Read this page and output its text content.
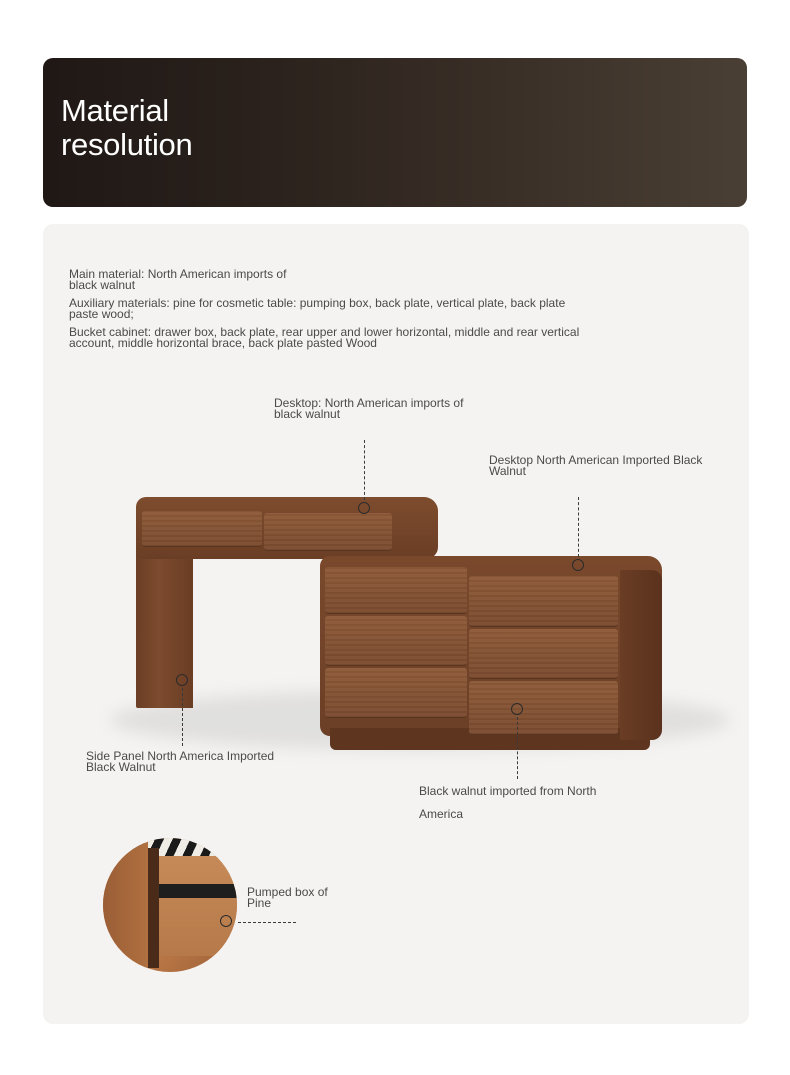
Material
resolution

Main material: North American imports of black walnut

Auxiliary materials: pine for cosmetic table: pumping box, back plate, vertical plate, back plate paste wood;

Bucket cabinet: drawer box, back plate, rear upper and lower horizontal, middle and rear vertical account, middle horizontal brace, back plate pasted Wood

Desktop: North American imports of black walnut
Desktop North American Imported Black Walnut
Side Panel North America Imported Black Walnut
Black walnut imported from North
America
Pumped box of Pine
